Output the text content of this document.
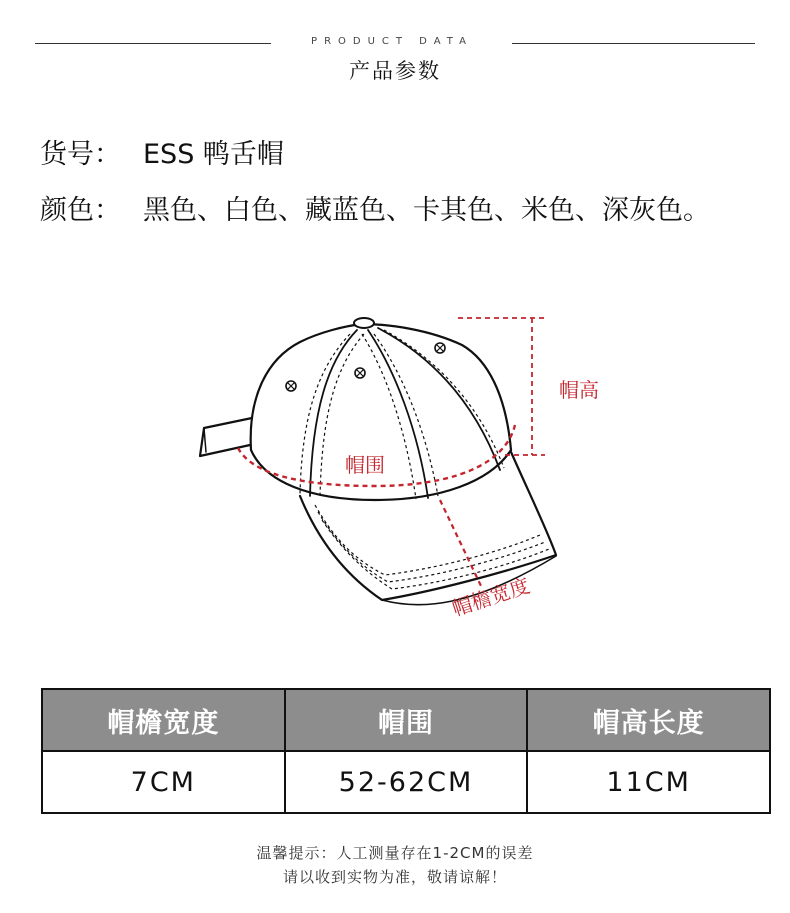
PRODUCT DATA
产品参数
货号： ESS 鸭舌帽
颜色： 黑色、白色、藏蓝色、卡其色、米色、深灰色。
帽高
帽围
帽檐宽度
帽檐宽度	帽围	帽高长度
7CM	52-62CM	11CM
温馨提示：人工测量存在1-2CM的误差
请以收到实物为准，敬请谅解！
